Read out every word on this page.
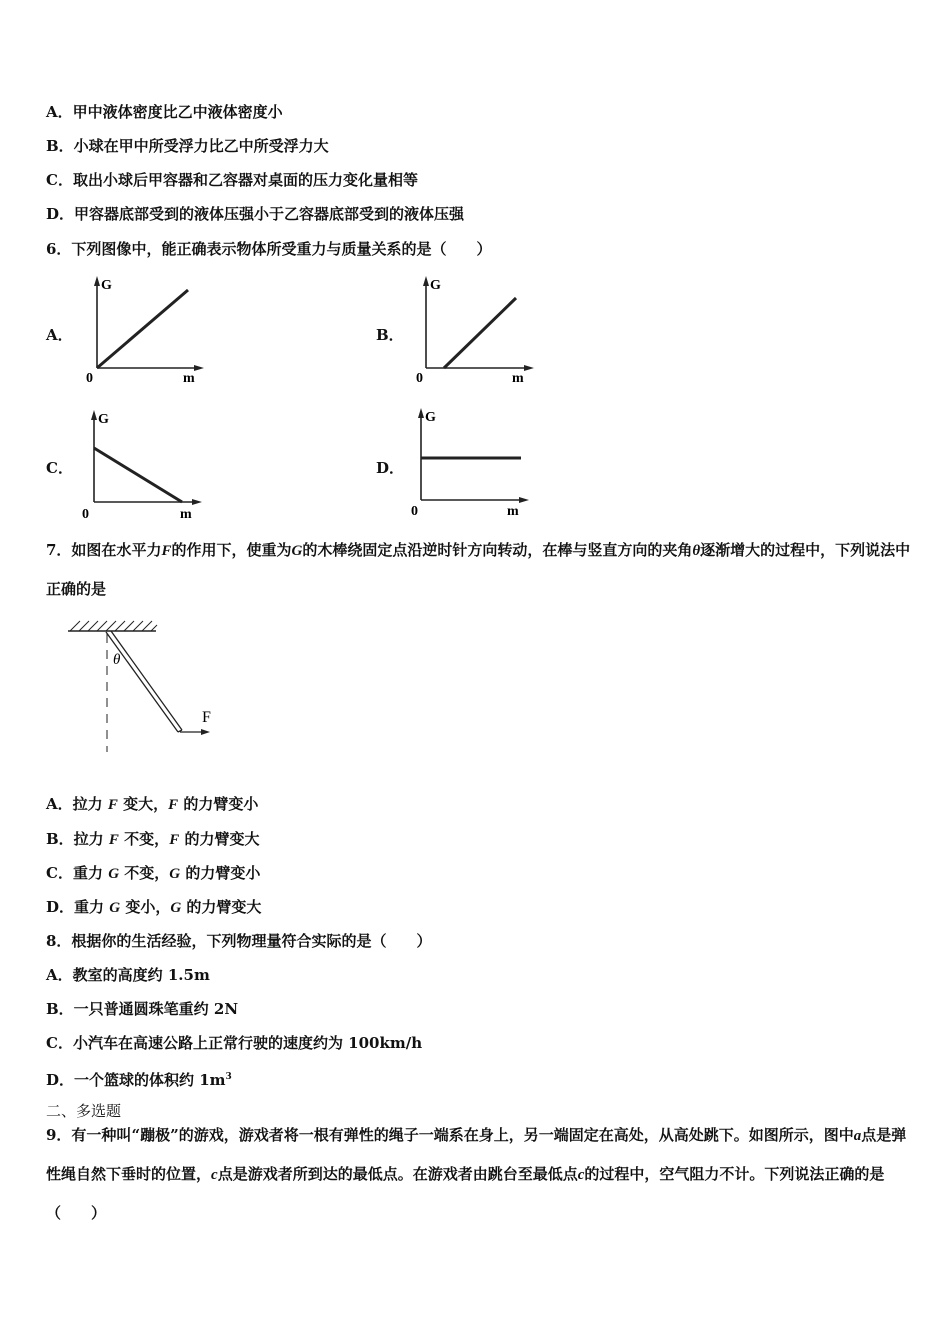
A．甲中液体密度比乙中液体密度小
B．小球在甲中所受浮力比乙中所受浮力大
C．取出小球后甲容器和乙容器对桌面的压力变化量相等
D．甲容器底部受到的液体压强小于乙容器底部受到的液体压强
6．下列图像中，能正确表示物体所受重力与质量关系的是（　　）
A．	B．
C．	D．
G
0	m
G
0	m
G
0	m
G
0	m
7．如图在水平力F的作用下，使重为G的木棒绕固定点沿逆时针方向转动，在棒与竖直方向的夹角θ逐渐增大的过程中，下列说法中正确的是
θ
F
A．拉力 F 变大，F 的力臂变小
B．拉力 F 不变，F 的力臂变大
C．重力 G 不变，G 的力臂变小
D．重力 G 变小，G 的力臂变大
8．根据你的生活经验，下列物理量符合实际的是（　　）
A．教室的高度约 1.5m
B．一只普通圆珠笔重约 2N
C．小汽车在高速公路上正常行驶的速度约为 100km/h
D．一个篮球的体积约 $1m^3$
二、多选题
9．有一种叫“蹦极”的游戏，游戏者将一根有弹性的绳子一端系在身上，另一端固定在高处，从高处跳下。如图所示，图中a点是弹性绳自然下垂时的位置，c点是游戏者所到达的最低点。在游戏者由跳台至最低点c的过程中，空气阻力不计。下列说法正确的是（　　）
